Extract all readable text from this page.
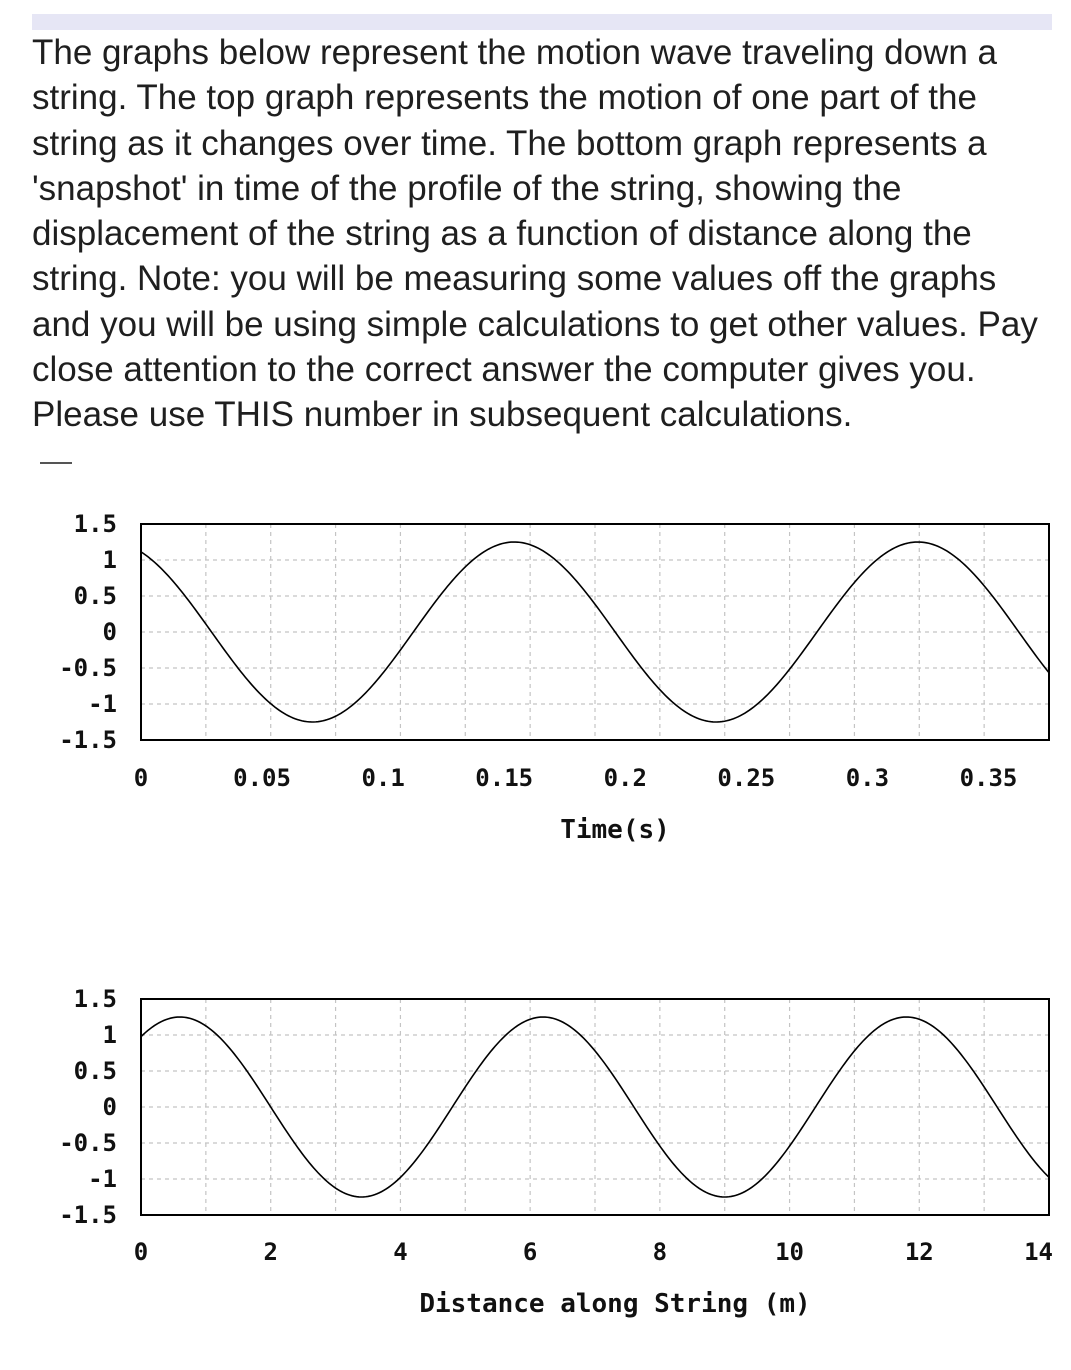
The graphs below represent the motion wave traveling down a string. The top graph represents the motion of one part of the string as it changes over time. The bottom graph represents a 'snapshot' in time of the profile of the string, showing the displacement of the string as a function of distance along the string. Note: you will be measuring some values off the graphs and you will be using simple calculations to get other values. Pay close attention to the correct answer the computer gives you. Please use THIS number in subsequent calculations.

1.5
1
0.5
0
-0.5
-1
-1.5
0	0.05	0.1	0.15	0.2	0.25	0.3	0.35
Time(s)
1.5
1
0.5
0
-0.5
-1
-1.5
0	2	4	6	8	10	12	14
Distance along String (m)
